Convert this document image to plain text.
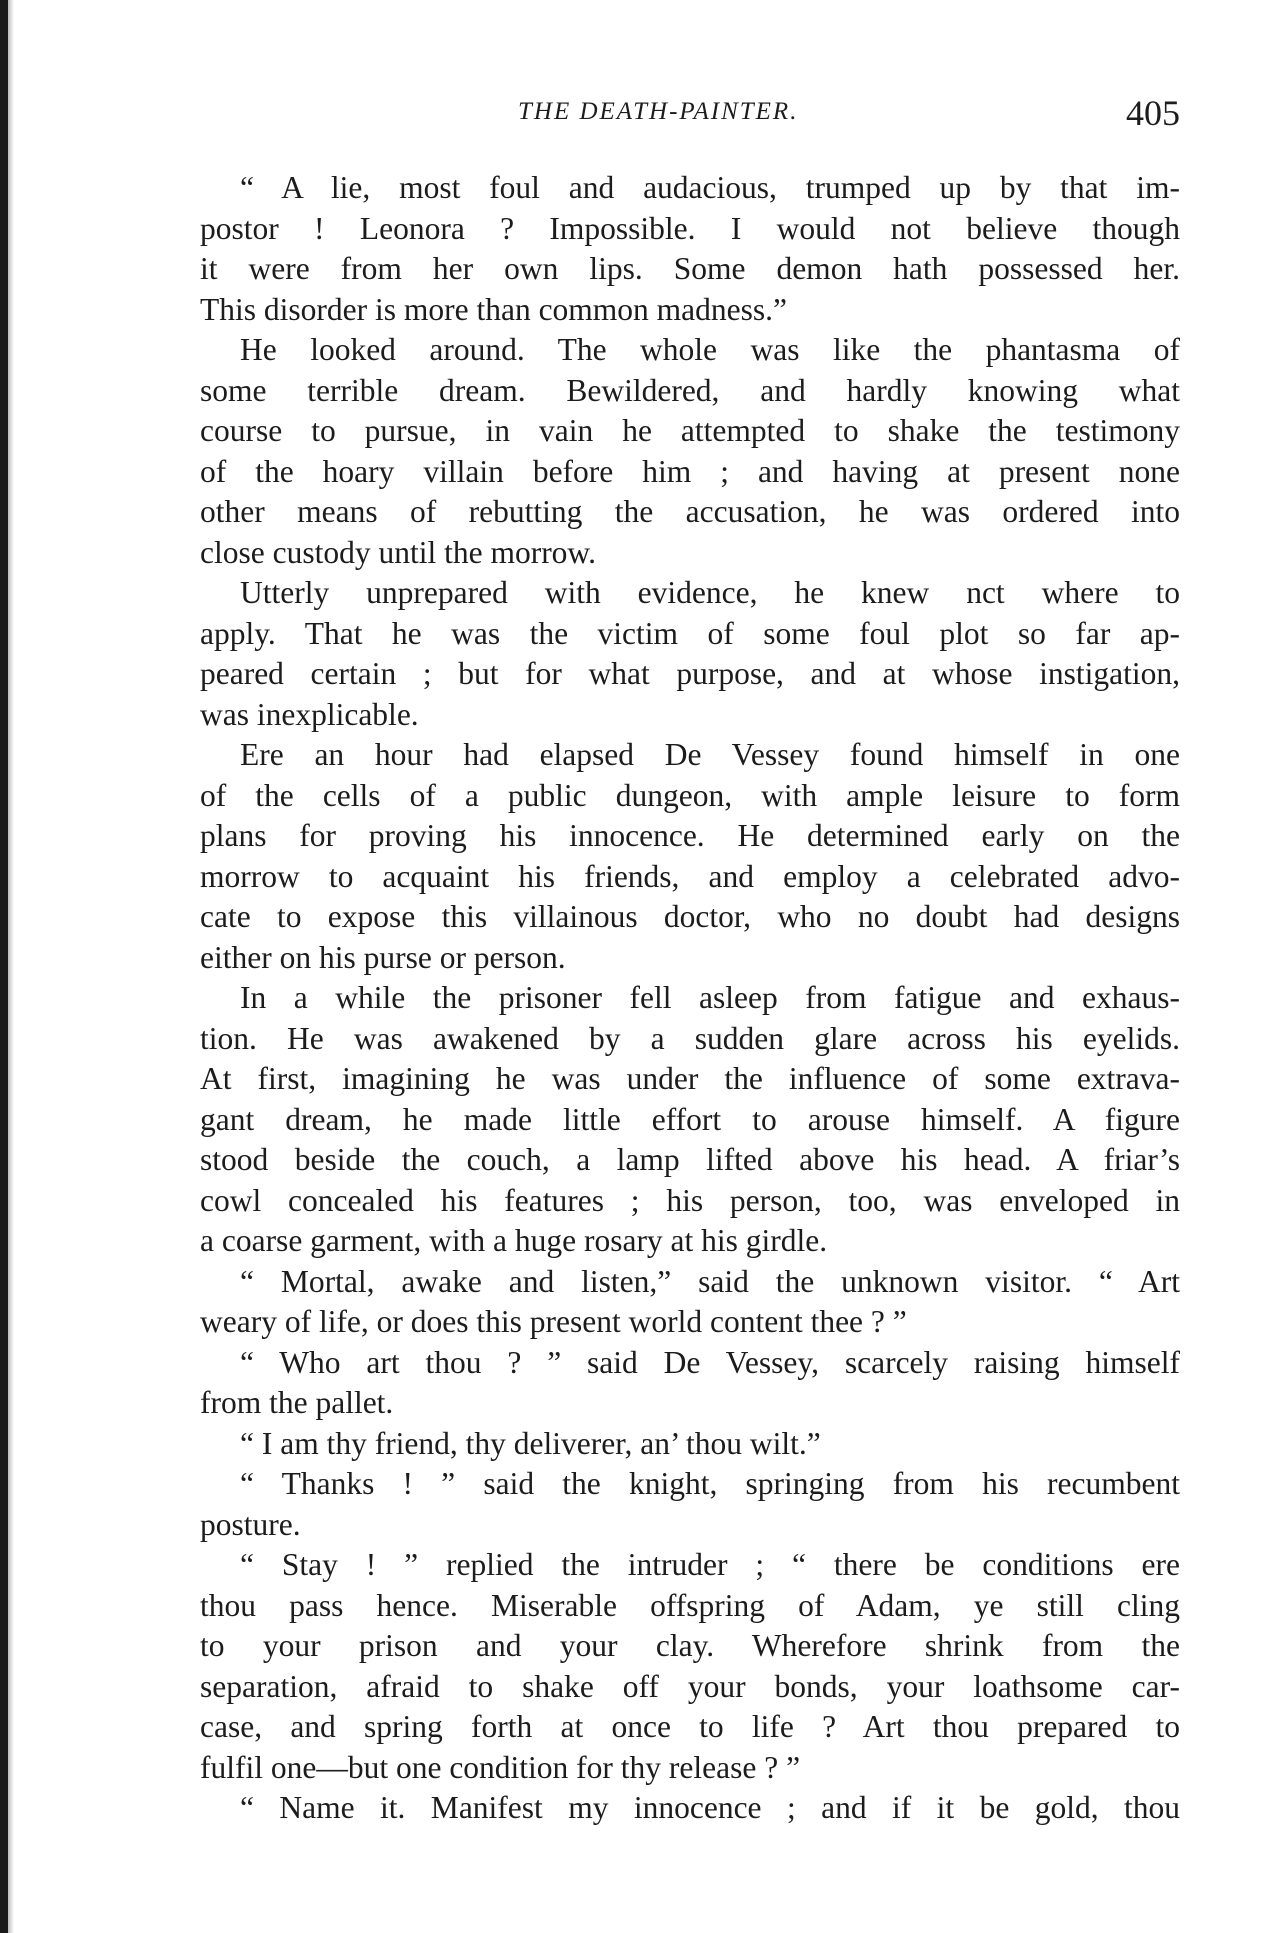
THE DEATH-PAINTER.	405

“ A lie, most foul and audacious, trumped up by that im-

postor ! Leonora ? Impossible. I would not believe though

it were from her own lips. Some demon hath possessed her.

This disorder is more than common madness.”

He looked around. The whole was like the phantasma of

some terrible dream. Bewildered, and hardly knowing what

course to pursue, in vain he attempted to shake the testimony

of the hoary villain before him ; and having at present none

other means of rebutting the accusation, he was ordered into

close custody until the morrow.

Utterly unprepared with evidence, he knew nct where to

apply. That he was the victim of some foul plot so far ap-

peared certain ; but for what purpose, and at whose instigation,

was inexplicable.

Ere an hour had elapsed De Vessey found himself in one

of the cells of a public dungeon, with ample leisure to form

plans for proving his innocence. He determined early on the

morrow to acquaint his friends, and employ a celebrated advo-

cate to expose this villainous doctor, who no doubt had designs

either on his purse or person.

In a while the prisoner fell asleep from fatigue and exhaus-

tion. He was awakened by a sudden glare across his eyelids.

At first, imagining he was under the influence of some extrava-

gant dream, he made little effort to arouse himself. A figure

stood beside the couch, a lamp lifted above his head. A friar’s

cowl concealed his features ; his person, too, was enveloped in

a coarse garment, with a huge rosary at his girdle.

“ Mortal, awake and listen,” said the unknown visitor. “ Art

weary of life, or does this present world content thee ? ”

“ Who art thou ? ” said De Vessey, scarcely raising himself

from the pallet.

“ I am thy friend, thy deliverer, an’ thou wilt.”

“ Thanks ! ” said the knight, springing from his recumbent

posture.

“ Stay ! ” replied the intruder ; “ there be conditions ere

thou pass hence. Miserable offspring of Adam, ye still cling

to your prison and your clay. Wherefore shrink from the

separation, afraid to shake off your bonds, your loathsome car-

case, and spring forth at once to life ? Art thou prepared to

fulfil one—but one condition for thy release ? ”

“ Name it. Manifest my innocence ; and if it be gold, thou
